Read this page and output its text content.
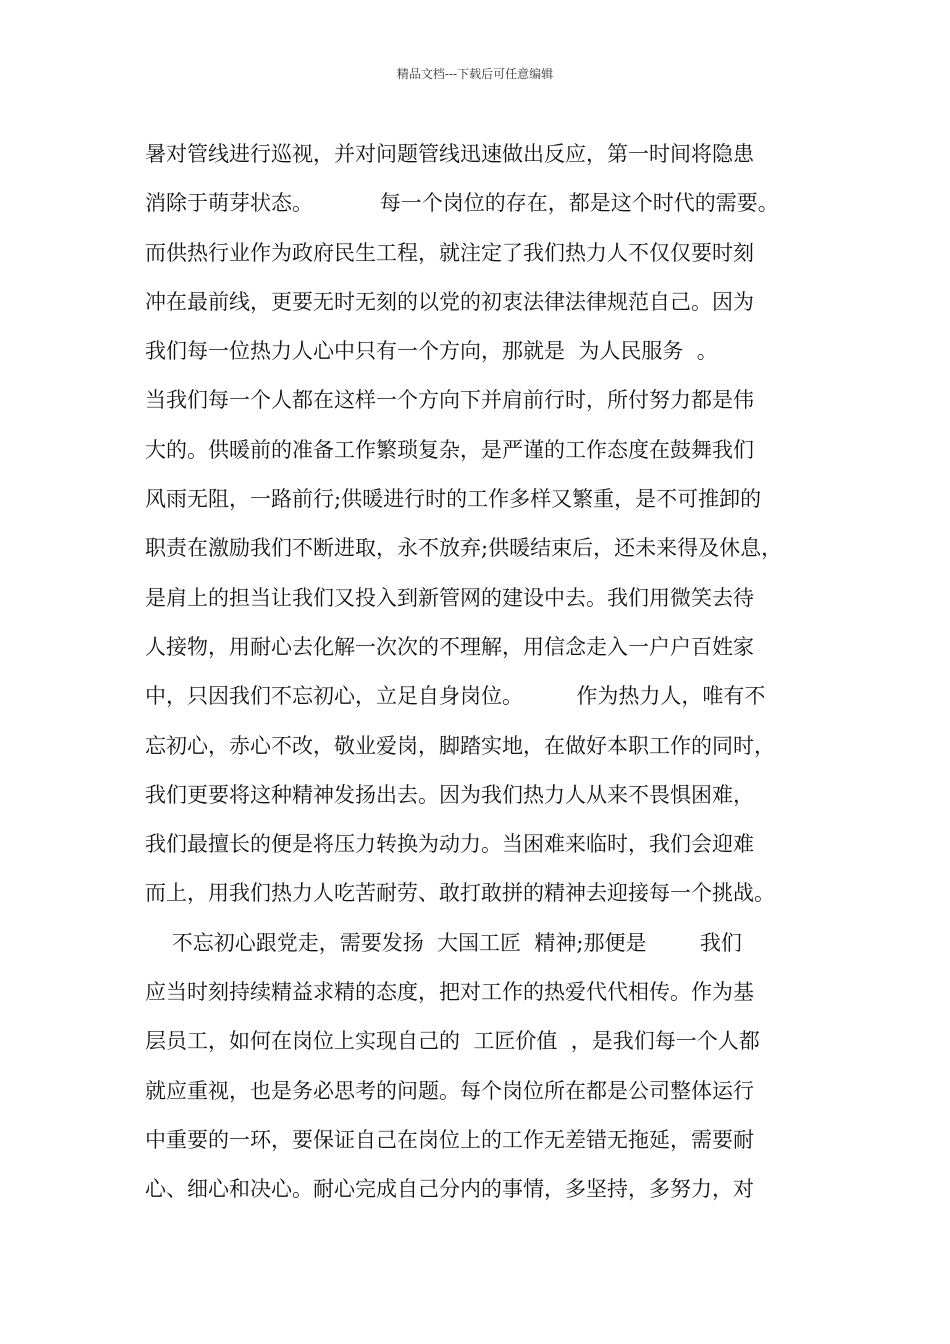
精品文档---下载后可任意编辑
暑对管线进行巡视，并对问题管线迅速做出反应，第一时间将隐患
消除于萌芽状态。          每一个岗位的存在，都是这个时代的需要。
而供热行业作为政府民生工程，就注定了我们热力人不仅仅要时刻
冲在最前线，更要无时无刻的以党的初衷法律法律规范自己。因为
我们每一位热力人心中只有一个方向，那就是  为人民服务  。
当我们每一个人都在这样一个方向下并肩前行时，所付努力都是伟
大的。供暖前的准备工作繁琐复杂，是严谨的工作态度在鼓舞我们
风雨无阻，一路前行;供暖进行时的工作多样又繁重，是不可推卸的
职责在激励我们不断进取，永不放弃;供暖结束后，还未来得及休息，
是肩上的担当让我们又投入到新管网的建设中去。我们用微笑去待
人接物，用耐心去化解一次次的不理解，用信念走入一户户百姓家
中，只因我们不忘初心，立足自身岗位。        作为热力人，唯有不
忘初心，赤心不改，敬业爱岗，脚踏实地，在做好本职工作的同时，
我们更要将这种精神发扬出去。因为我们热力人从来不畏惧困难，
我们最擅长的便是将压力转换为动力。当困难来临时，我们会迎难
而上，用我们热力人吃苦耐劳、敢打敢拼的精神去迎接每一个挑战。
不忘初心跟党走，需要发扬  大国工匠  精神;那便是        我们
应当时刻持续精益求精的态度，把对工作的热爱代代相传。作为基
层员工，如何在岗位上实现自己的  工匠价值  ，是我们每一个人都
就应重视，也是务必思考的问题。每个岗位所在都是公司整体运行
中重要的一环，要保证自己在岗位上的工作无差错无拖延，需要耐
心、细心和决心。耐心完成自己分内的事情，多坚持，多努力，对
